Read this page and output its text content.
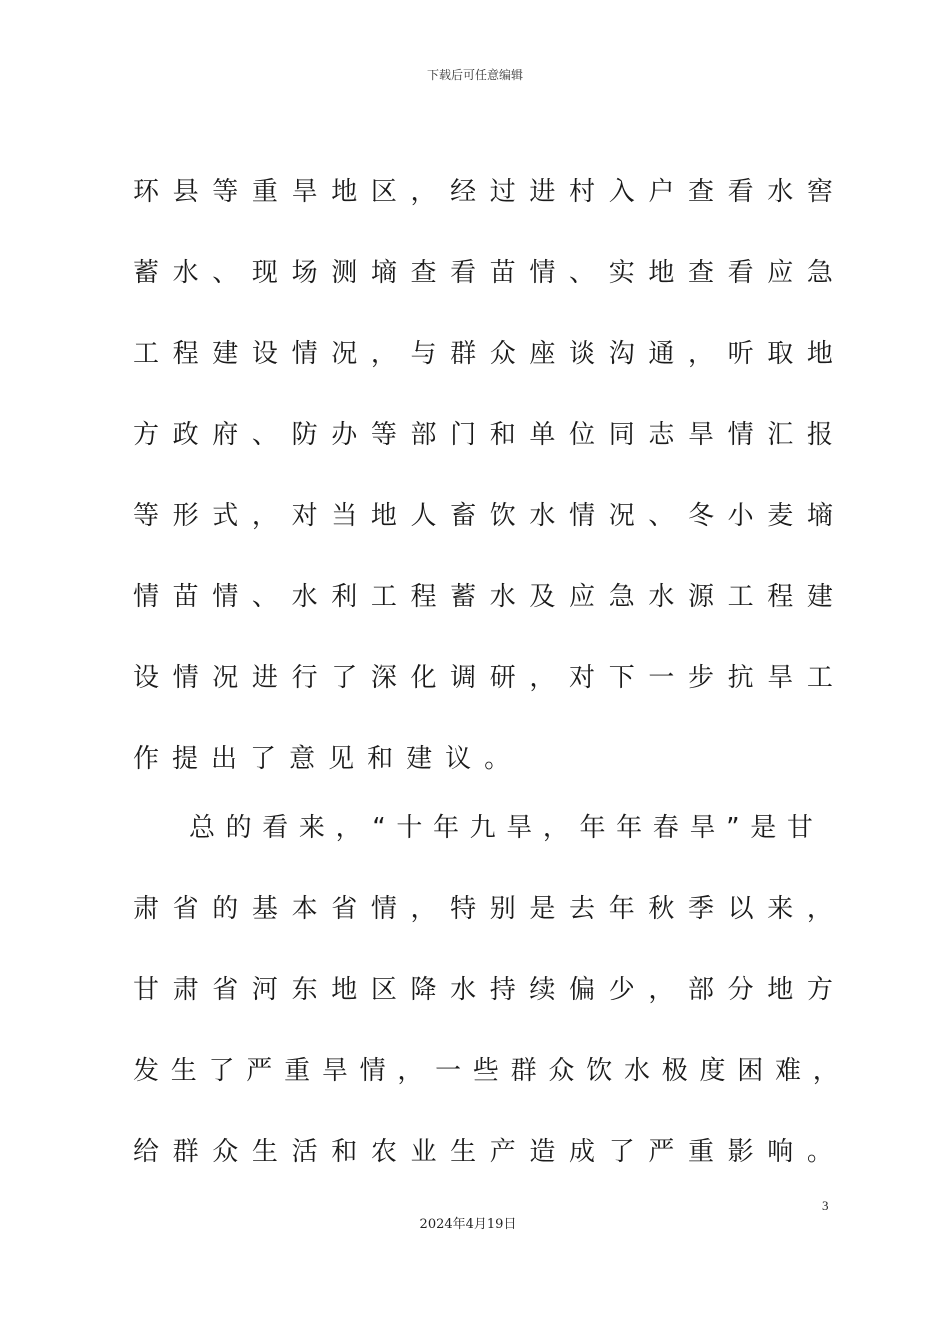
下载后可任意编辑
环 县 等 重 旱 地 区 ， 经 过 进 村 入 户 查 看 水 窖
蓄 水 、 现 场 测 墒 查 看 苗 情 、 实 地 查 看 应 急
工 程 建 设 情 况 ， 与 群 众 座 谈 沟 通 ， 听 取 地
方 政 府 、 防 办 等 部 门 和 单 位 同 志 旱 情 汇 报
等 形 式 ， 对 当 地 人 畜 饮 水 情 况 、 冬 小 麦 墒
情 苗 情 、 水 利 工 程 蓄 水 及 应 急 水 源 工 程 建
设 情 况 进 行 了 深 化 调 研 ， 对 下 一 步 抗 旱 工
作 提 出 了 意 见 和 建 议 。
总 的 看 来 ， “ 十 年 九 旱 ， 年 年 春 旱 ” 是 甘
肃 省 的 基 本 省 情 ， 特 别 是 去 年 秋 季 以 来 ，
甘 肃 省 河 东 地 区 降 水 持 续 偏 少 ， 部 分 地 方
发 生 了 严 重 旱 情 ， 一 些 群 众 饮 水 极 度 困 难 ，
给 群 众 生 活 和 农 业 生 产 造 成 了 严 重 影 响 。
3
2024年4月19日
